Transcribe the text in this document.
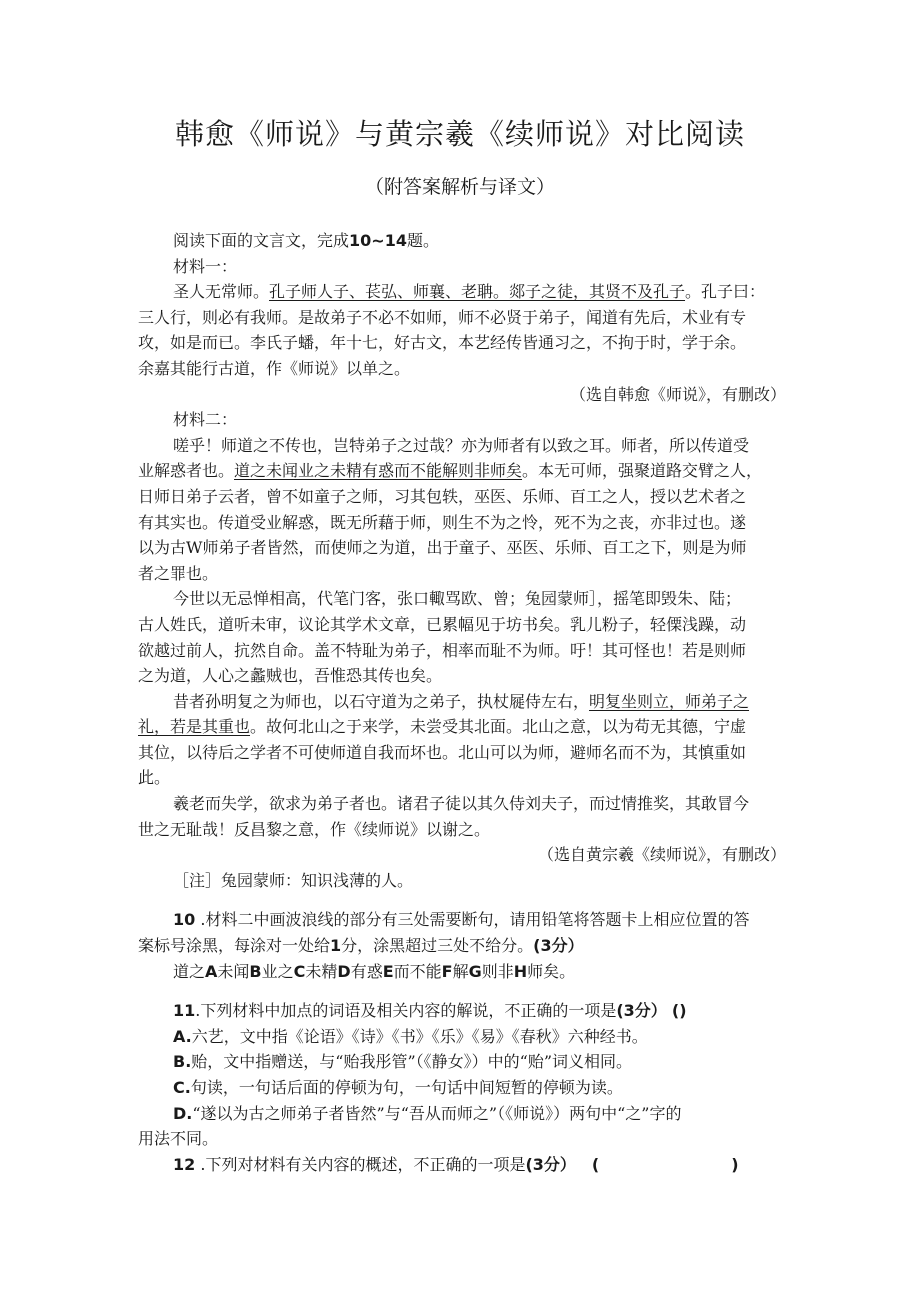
韩愈《师说》与黄宗羲《续师说》对比阅读
（附答案解析与译文）
阅读下面的文言文，完成10~14题。
材料一：
圣人无常师。孔子师人子、苌弘、师襄、老聃。郯子之徒，其贤不及孔子。孔子曰：
三人行，则必有我师。是故弟子不必不如师，师不必贤于弟子，闻道有先后，术业有专
攻，如是而已。李氏子蟠，年十七，好古文，本艺经传皆通习之，不拘于时，学于余。
余嘉其能行古道，作《师说》以单之。
（选自韩愈《师说》，有删改）
材料二：
嗟乎！师道之不传也，岂特弟子之过哉？亦为师者有以致之耳。师者，所以传道受
业解惑者也。道之未闻业之未精有惑而不能解则非师矣。本无可师，强聚道路交臂之人，
日师日弟子云者，曾不如童子之师，习其包轶，巫医、乐师、百工之人，授以艺术者之
有其实也。传道受业解惑，既无所藉于师，则生不为之怜，死不为之丧，亦非过也。遂
以为古W师弟子者皆然，而使师之为道，出于童子、巫医、乐师、百工之下，则是为师
者之罪也。
今世以无忌惮相高，代笔门客，张口輙骂欧、曾；兔园蒙师］，摇笔即毁朱、陆；
古人姓氏，道听未审，议论其学术文章，已累幅见于坊书矣。乳儿粉子，轻傈浅躁，动
欲越过前人，抗然自命。盖不特耻为弟子，相率而耻不为师。吁！其可怪也！若是则师
之为道，人心之蠡贼也，吾惟恐其传也矣。
昔者孙明复之为师也，以石守道为之弟子，执杖屣侍左右，明复坐则立，师弟子之
礼，若是其重也。故何北山之于来学，未尝受其北面。北山之意，以为苟无其德，宁虚
其位，以待后之学者不可使师道自我而坏也。北山可以为师，避师名而不为，其慎重如
此。
羲老而失学，欲求为弟子者也。诸君子徒以其久侍刘夫子，而过情推奖，其敢冒今
世之无耻哉！反昌黎之意，作《续师说》以谢之。
（选自黄宗羲《续师说》，有删改）
［注］兔园蒙师：知识浅薄的人。
10 .材料二中画波浪线的部分有三处需要断句，请用铅笔将答题卡上相应位置的答
案标号涂黑，每涂对一处给1分，涂黑超过三处不给分。(3分）
道之A未闻B业之C未精D有惑E而不能F解G则非H师矣。
11.下列材料中加点的词语及相关内容的解说，不正确的一项是(3分） ()
A.六艺，文中指《论语》《诗》《书》《乐》《易》《春秋》六种经书。
B.贻，文中指赠送，与“贻我彤管”（《静女》）中的“贻”词义相同。
C.句读，一句话后面的停顿为句，一句话中间短暂的停顿为读。
D.“遂以为古之师弟子者皆然”与“吾从而师之”（《师说》）两句中“之”字的
用法不同。
12 .下列对材料有关内容的概述，不正确的一项是(3分） (	)
